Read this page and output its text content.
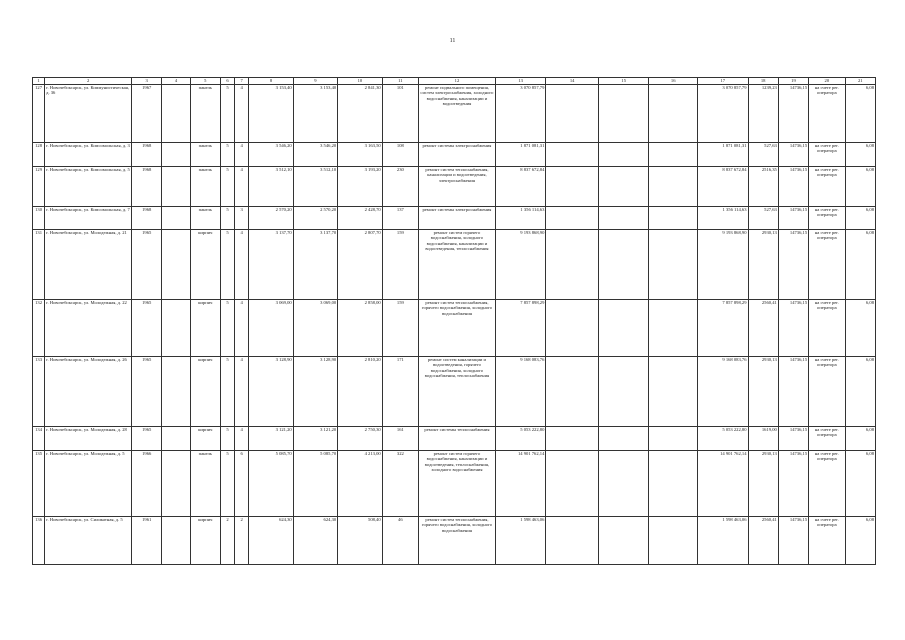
11
1	2	3	4	5	6	7	8	9	10	11	12	13	14	15	16	17	18	19	20	21
127	г. Новочебоксарск, ул. Коммунистическая, д. 36	1967		панель	5	4	3 153,40	3 153,40	2 841,30	101	ремонт подвального помещения, систем электроснабжения, холодного водоснабжения, канализации и водоотведения	3 070 857,79				3 070 857,79	1239,23	14736,15	на счете рег. оператора	6,08
128	г. Новочебоксарск, ул. Комсомольская, д. 3	1968		панель	5	4	3 546,20	3 546,20	3 163,50	108	ремонт системы электроснабжения	1 871 081,31				1 871 081,31	527,63	14736,15	на счете рег. оператора	6,08
129	г. Новочебоксарск, ул. Комсомольская, д. 5	1968		панель	5	4	3 512,10	3 512,10	3 193,20	230	ремонт систем теплоснабжения, канализации и водоотведения, электроснабжения	8 837 672,84				8 837 672,84	2516,35	14736,15	на счете рег. оператора	6,08
130	г. Новочебоксарск, ул. Комсомольская, д. 7	1968		панель	5	3	2 570,20	2 570,20	2 428,70	137	ремонт системы электроснабжения	1 356 114,63				1 356 114,63	527,63	14736,15	на счете рег. оператора	6,08
131	г. Новочебоксарск, ул. Молодежная, д. 21	1965		кирпич	5	4	3 137,70	3 137,70	2 807,70	159	ремонт систем горячего водоснабжения, холодного водоснабжения, канализации и водоотведения, теплоснабжения	9 193 868,90				9 193 868,90	2930,13	14736,15	на счете рег. оператора	6,08
132	г. Новочебоксарск, ул. Молодежная, д. 22	1965		кирпич	5	4	3 069,00	3 069,00	2 858,00	159	ремонт систем теплоснабжения, горячего водоснабжения, холодного водоснабжения	7 857 898,29				7 857 898,29	2560,41	14736,15	на счете рег. оператора	6,08
133	г. Новочебоксарск, ул. Молодежная, д. 26	1965		кирпич	5	4	3 128,90	3 128,90	2 810,20	171	ремонт систем канализации и водоотведения, горячего водоснабжения, холодного водоснабжения, теплоснабжения	9 168 083,76				9 168 083,76	2930,13	14736,15	на счете рег. оператора	6,08
134	г. Новочебоксарск, ул. Молодежная, д. 28	1965		кирпич	5	4	3 121,20	3 121,20	2 750,30	161	ремонт системы теплоснабжения	5 053 222,80				5 053 222,80	1619,00	14736,15	на счете рег. оператора	6,08
135	г. Новочебоксарск, ул. Молодежная, д. 5	1966		панель	5	6	5 085,70	5 085,70	4 213,00	322	ремонт систем горячего водоснабжения, канализации и водоотведения, теплоснабжения, холодного водоснабжения	14 901 762,14				14 901 762,14	2930,13	14736,15	на счете рег. оператора	6,08
136	г. Новочебоксарск, ул. Силикатная, д. 5	1961		кирпич	2	2	624,30	624,30	508,40	46	ремонт систем теплоснабжения, горячего водоснабжения, холодного водоснабжения	1 598 463,06				1 598 463,06	2560,41	14736,15	на счете рег. оператора	6,08
